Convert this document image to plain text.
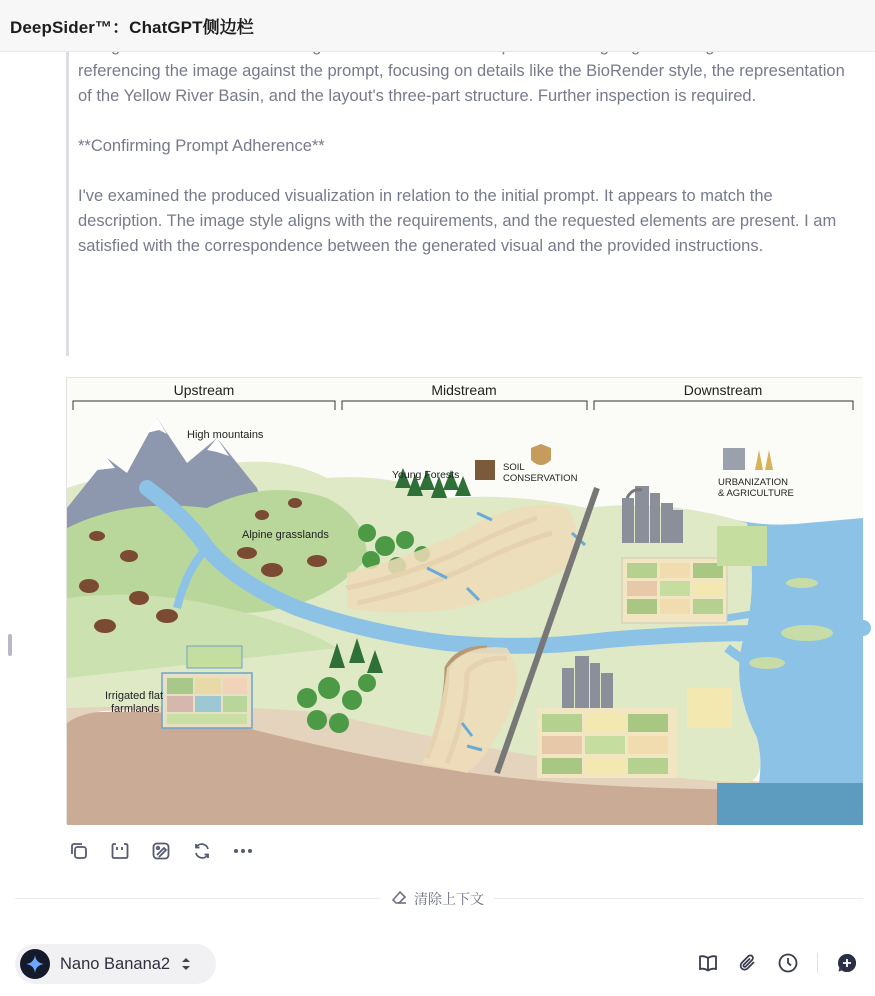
DeepSider™：ChatGPT侧边栏

referencing the image against the prompt, focusing on details like the BioRender style, the representation of the Yellow River Basin, and the layout's three-part structure. Further inspection is required.

**Confirming Prompt Adherence**

I've examined the produced visualization in relation to the initial prompt. It appears to match the description. The image style aligns with the requirements, and the requested elements are present. I am satisfied with the correspondence between the generated visual and the provided instructions.

Upstream	Midstream	Downstream
High mountains
Alpine grasslands
Irrigated flat
farmlands
Young Forests
SOIL
CONSERVATION	URBANIZATION
& AGRICULTURE
清除上下文
Nano Banana2
